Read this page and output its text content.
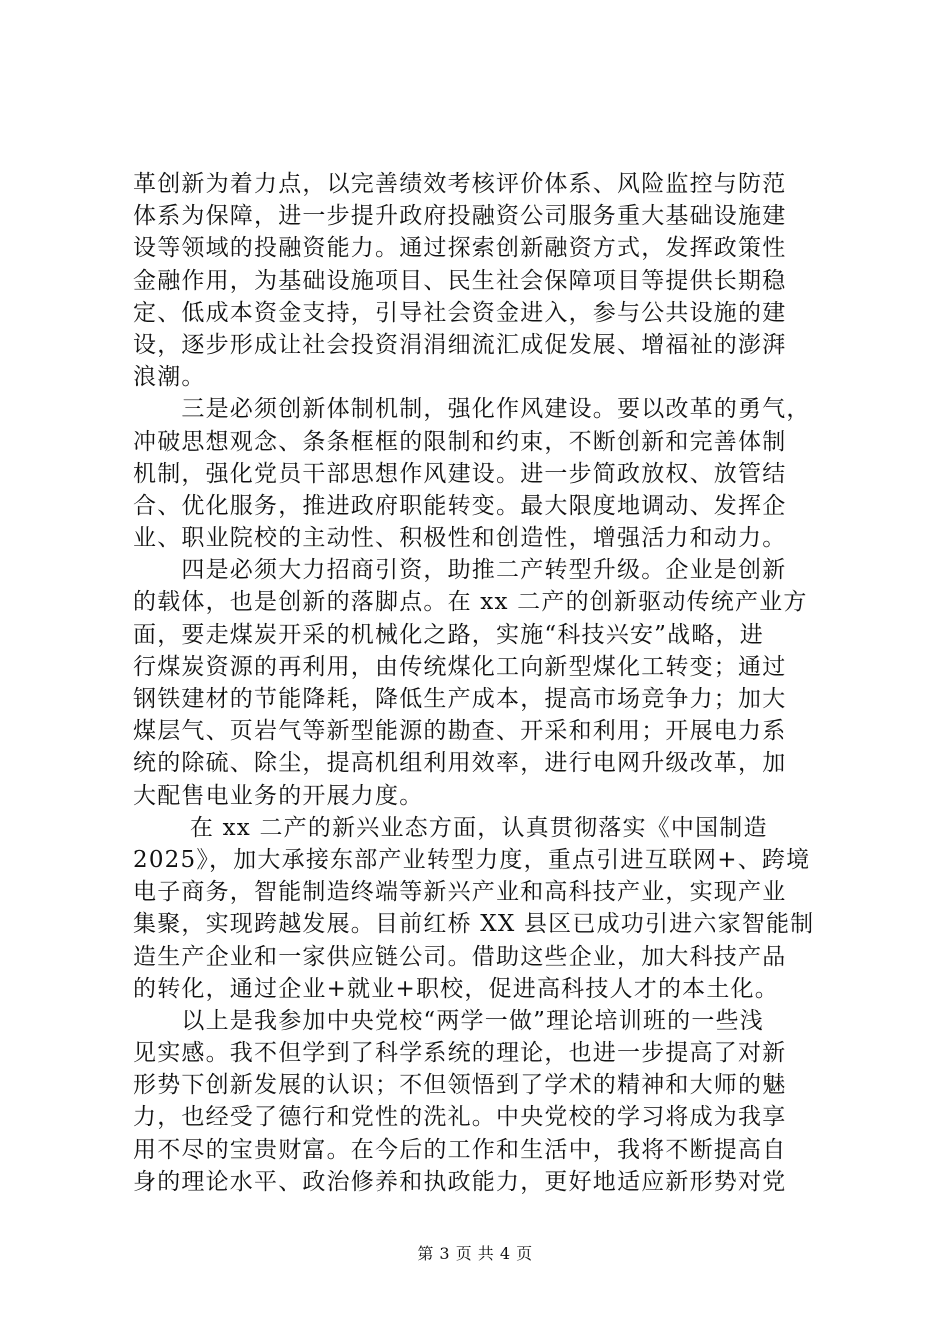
革创新为着力点，以完善绩效考核评价体系、风险监控与防范
体系为保障，进一步提升政府投融资公司服务重大基础设施建
设等领域的投融资能力。通过探索创新融资方式，发挥政策性
金融作用，为基础设施项目、民生社会保障项目等提供长期稳
定、低成本资金支持，引导社会资金进入，参与公共设施的建
设，逐步形成让社会投资涓涓细流汇成促发展、增福祉的澎湃
浪潮。
　　三是必须创新体制机制，强化作风建设。要以改革的勇气，
冲破思想观念、条条框框的限制和约束，不断创新和完善体制
机制，强化党员干部思想作风建设。进一步简政放权、放管结
合、优化服务，推进政府职能转变。最大限度地调动、发挥企
业、职业院校的主动性、积极性和创造性，增强活力和动力。
　　四是必须大力招商引资，助推二产转型升级。企业是创新
的载体，也是创新的落脚点。在 xx 二产的创新驱动传统产业方
面，要走煤炭开采的机械化之路，实施“科技兴安”战略，进
行煤炭资源的再利用，由传统煤化工向新型煤化工转变；通过
钢铁建材的节能降耗，降低生产成本，提高市场竞争力；加大
煤层气、页岩气等新型能源的勘查、开采和利用；开展电力系
统的除硫、除尘，提高机组利用效率，进行电网升级改革，加
大配售电业务的开展力度。
　　 在 xx 二产的新兴业态方面，认真贯彻落实《中国制造
2025》，加大承接东部产业转型力度，重点引进互联网+、跨境
电子商务，智能制造终端等新兴产业和高科技产业，实现产业
集聚，实现跨越发展。目前红桥 XX 县区已成功引进六家智能制
造生产企业和一家供应链公司。借助这些企业，加大科技产品
的转化，通过企业+就业+职校，促进高科技人才的本土化。
　　以上是我参加中央党校“两学一做”理论培训班的一些浅
见实感。我不但学到了科学系统的理论，也进一步提高了对新
形势下创新发展的认识；不但领悟到了学术的精神和大师的魅
力，也经受了德行和党性的洗礼。中央党校的学习将成为我享
用不尽的宝贵财富。在今后的工作和生活中，我将不断提高自
身的理论水平、政治修养和执政能力，更好地适应新形势对党
第 3 页 共 4 页
